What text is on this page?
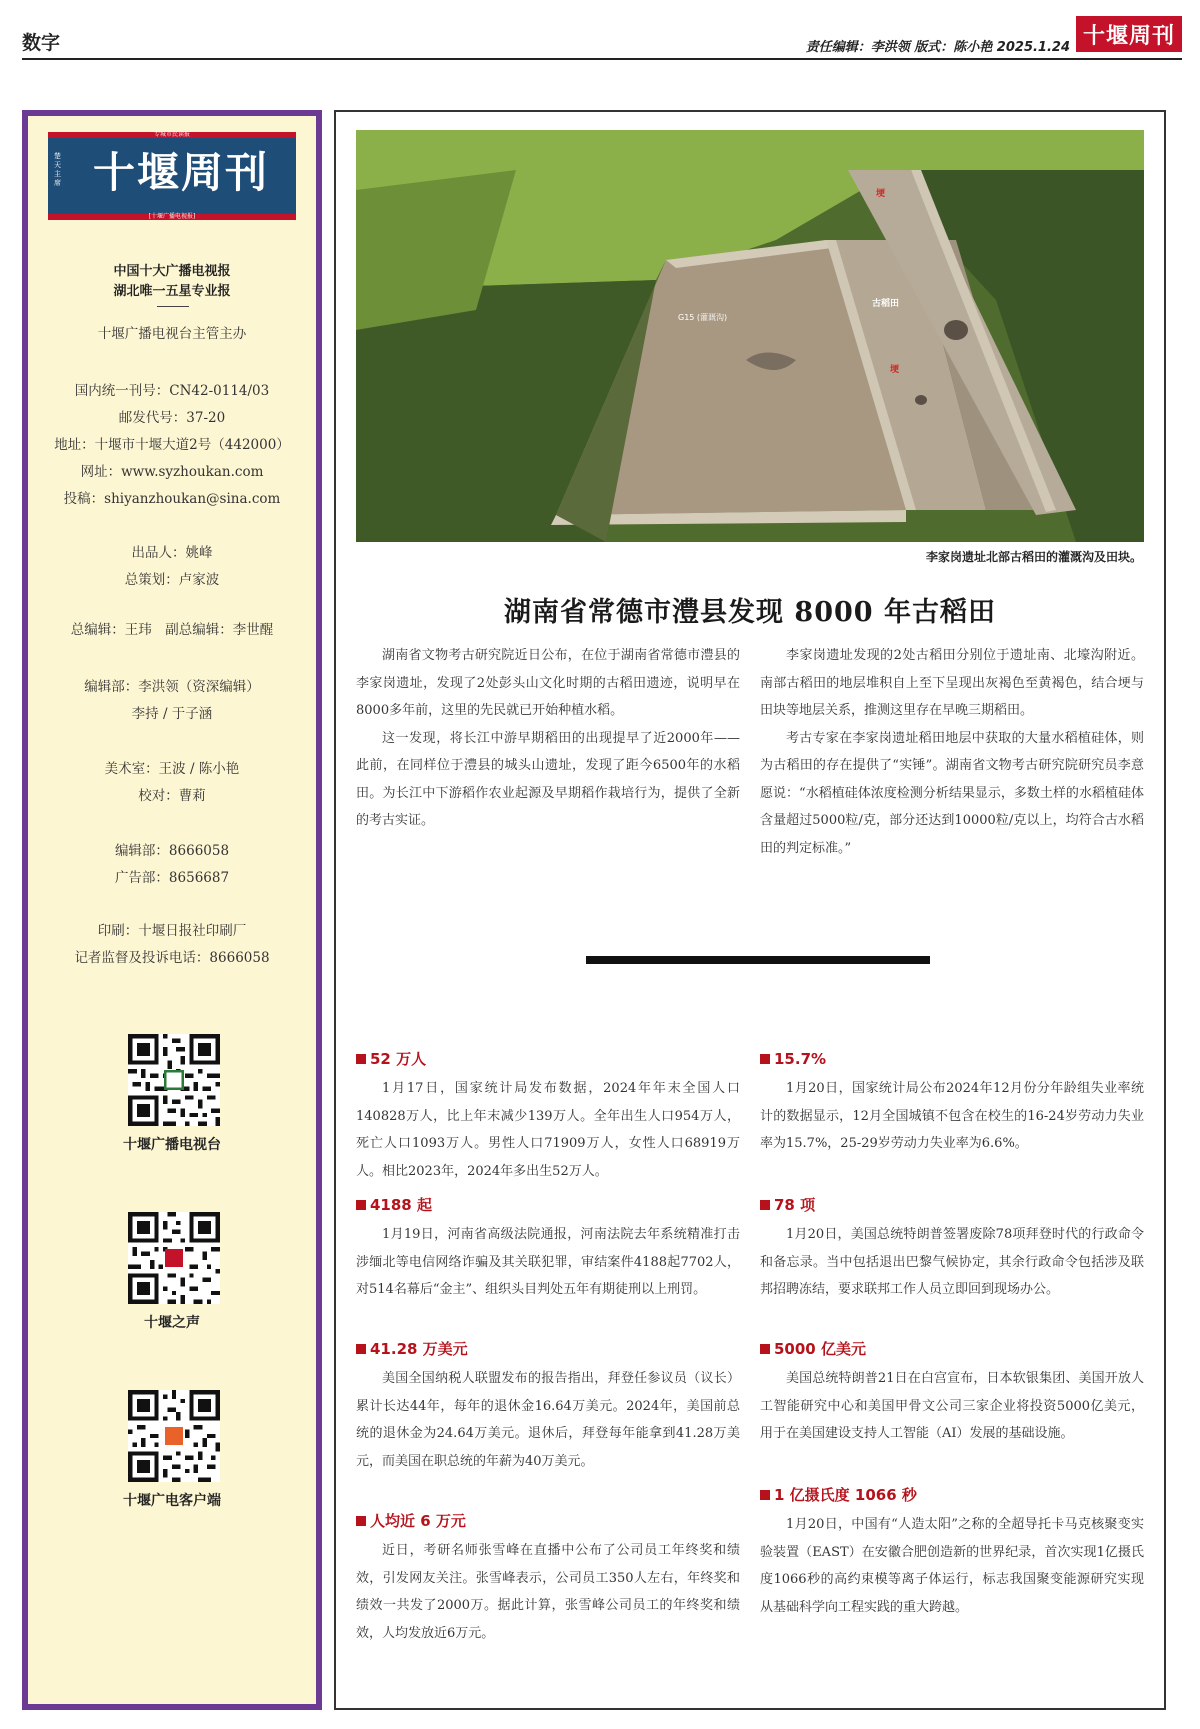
数字	责任编辑：李洪领 版式：陈小艳 2025.1.24 十堰周刊
专城市民读报
楚天主席 十堰周刊
[十堰广播电视报]
中国十大广播电视报
湖北唯一五星专业报
十堰广播电视台主管主办
国内统一刊号：CN42-0114/03
邮发代号：37-20
地址：十堰市十堰大道2号（442000）
网址：www.syzhoukan.com
投稿：shiyanzhoukan@sina.com
出品人：姚峰
总策划：卢家波
总编辑：王玮　副总编辑：李世醒
编辑部：李洪领（资深编辑）
李持 / 于子涵
美术室：王波 / 陈小艳
校对：曹莉
编辑部：8666058
广告部：8656687
印刷：十堰日报社印刷厂
记者监督及投诉电话：8666058
十堰广播电视台
十堰之声
十堰广电客户端
古稻田
G15 (灌溉沟)
埂
埂
李家岗遗址北部古稻田的灌溉沟及田块。
湖南省常德市澧县发现 8000 年古稻田

湖南省文物考古研究院近日公布，在位于湖南省常德市澧县的李家岗遗址，发现了2处彭头山文化时期的古稻田遗迹，说明早在8000多年前，这里的先民就已开始种植水稻。

这一发现，将长江中游早期稻田的出现提早了近2000年——此前，在同样位于澧县的城头山遗址，发现了距今6500年的水稻田。为长江中下游稻作农业起源及早期稻作栽培行为，提供了全新的考古实证。

李家岗遗址发现的2处古稻田分别位于遗址南、北壕沟附近。南部古稻田的地层堆积自上至下呈现出灰褐色至黄褐色，结合埂与田块等地层关系，推测这里存在早晚三期稻田。

考古专家在李家岗遗址稻田地层中获取的大量水稻植硅体，则为古稻田的存在提供了“实锤”。湖南省文物考古研究院研究员李意愿说：“水稻植硅体浓度检测分析结果显示，多数土样的水稻植硅体含量超过5000粒/克，部分还达到10000粒/克以上，均符合古水稻田的判定标准。”

52 万人
1月17日，国家统计局发布数据，2024年年末全国人口140828万人，比上年末减少139万人。全年出生人口954万人，死亡人口1093万人。男性人口71909万人，女性人口68919万人。相比2023年，2024年多出生52万人。
4188 起
1月19日，河南省高级法院通报，河南法院去年系统精准打击涉缅北等电信网络诈骗及其关联犯罪，审结案件4188起7702人，对514名幕后“金主”、组织头目判处五年有期徒刑以上刑罚。
41.28 万美元
美国全国纳税人联盟发布的报告指出，拜登任参议员（议长）累计长达44年，每年的退休金16.64万美元。2024年，美国前总统的退休金为24.64万美元。退休后，拜登每年能拿到41.28万美元，而美国在职总统的年薪为40万美元。
人均近 6 万元
近日，考研名师张雪峰在直播中公布了公司员工年终奖和绩效，引发网友关注。张雪峰表示，公司员工350人左右，年终奖和绩效一共发了2000万。据此计算，张雪峰公司员工的年终奖和绩效，人均发放近6万元。
15.7%
1月20日，国家统计局公布2024年12月份分年龄组失业率统计的数据显示，12月全国城镇不包含在校生的16-24岁劳动力失业率为15.7%，25-29岁劳动力失业率为6.6%。
78 项
1月20日，美国总统特朗普签署废除78项拜登时代的行政命令和备忘录。当中包括退出巴黎气候协定，其余行政命令包括涉及联邦招聘冻结，要求联邦工作人员立即回到现场办公。
5000 亿美元
美国总统特朗普21日在白宫宣布，日本软银集团、美国开放人工智能研究中心和美国甲骨文公司三家企业将投资5000亿美元，用于在美国建设支持人工智能（AI）发展的基础设施。
1 亿摄氏度 1066 秒
1月20日，中国有“人造太阳”之称的全超导托卡马克核聚变实验装置（EAST）在安徽合肥创造新的世界纪录，首次实现1亿摄氏度1066秒的高约束模等离子体运行，标志我国聚变能源研究实现从基础科学向工程实践的重大跨越。
